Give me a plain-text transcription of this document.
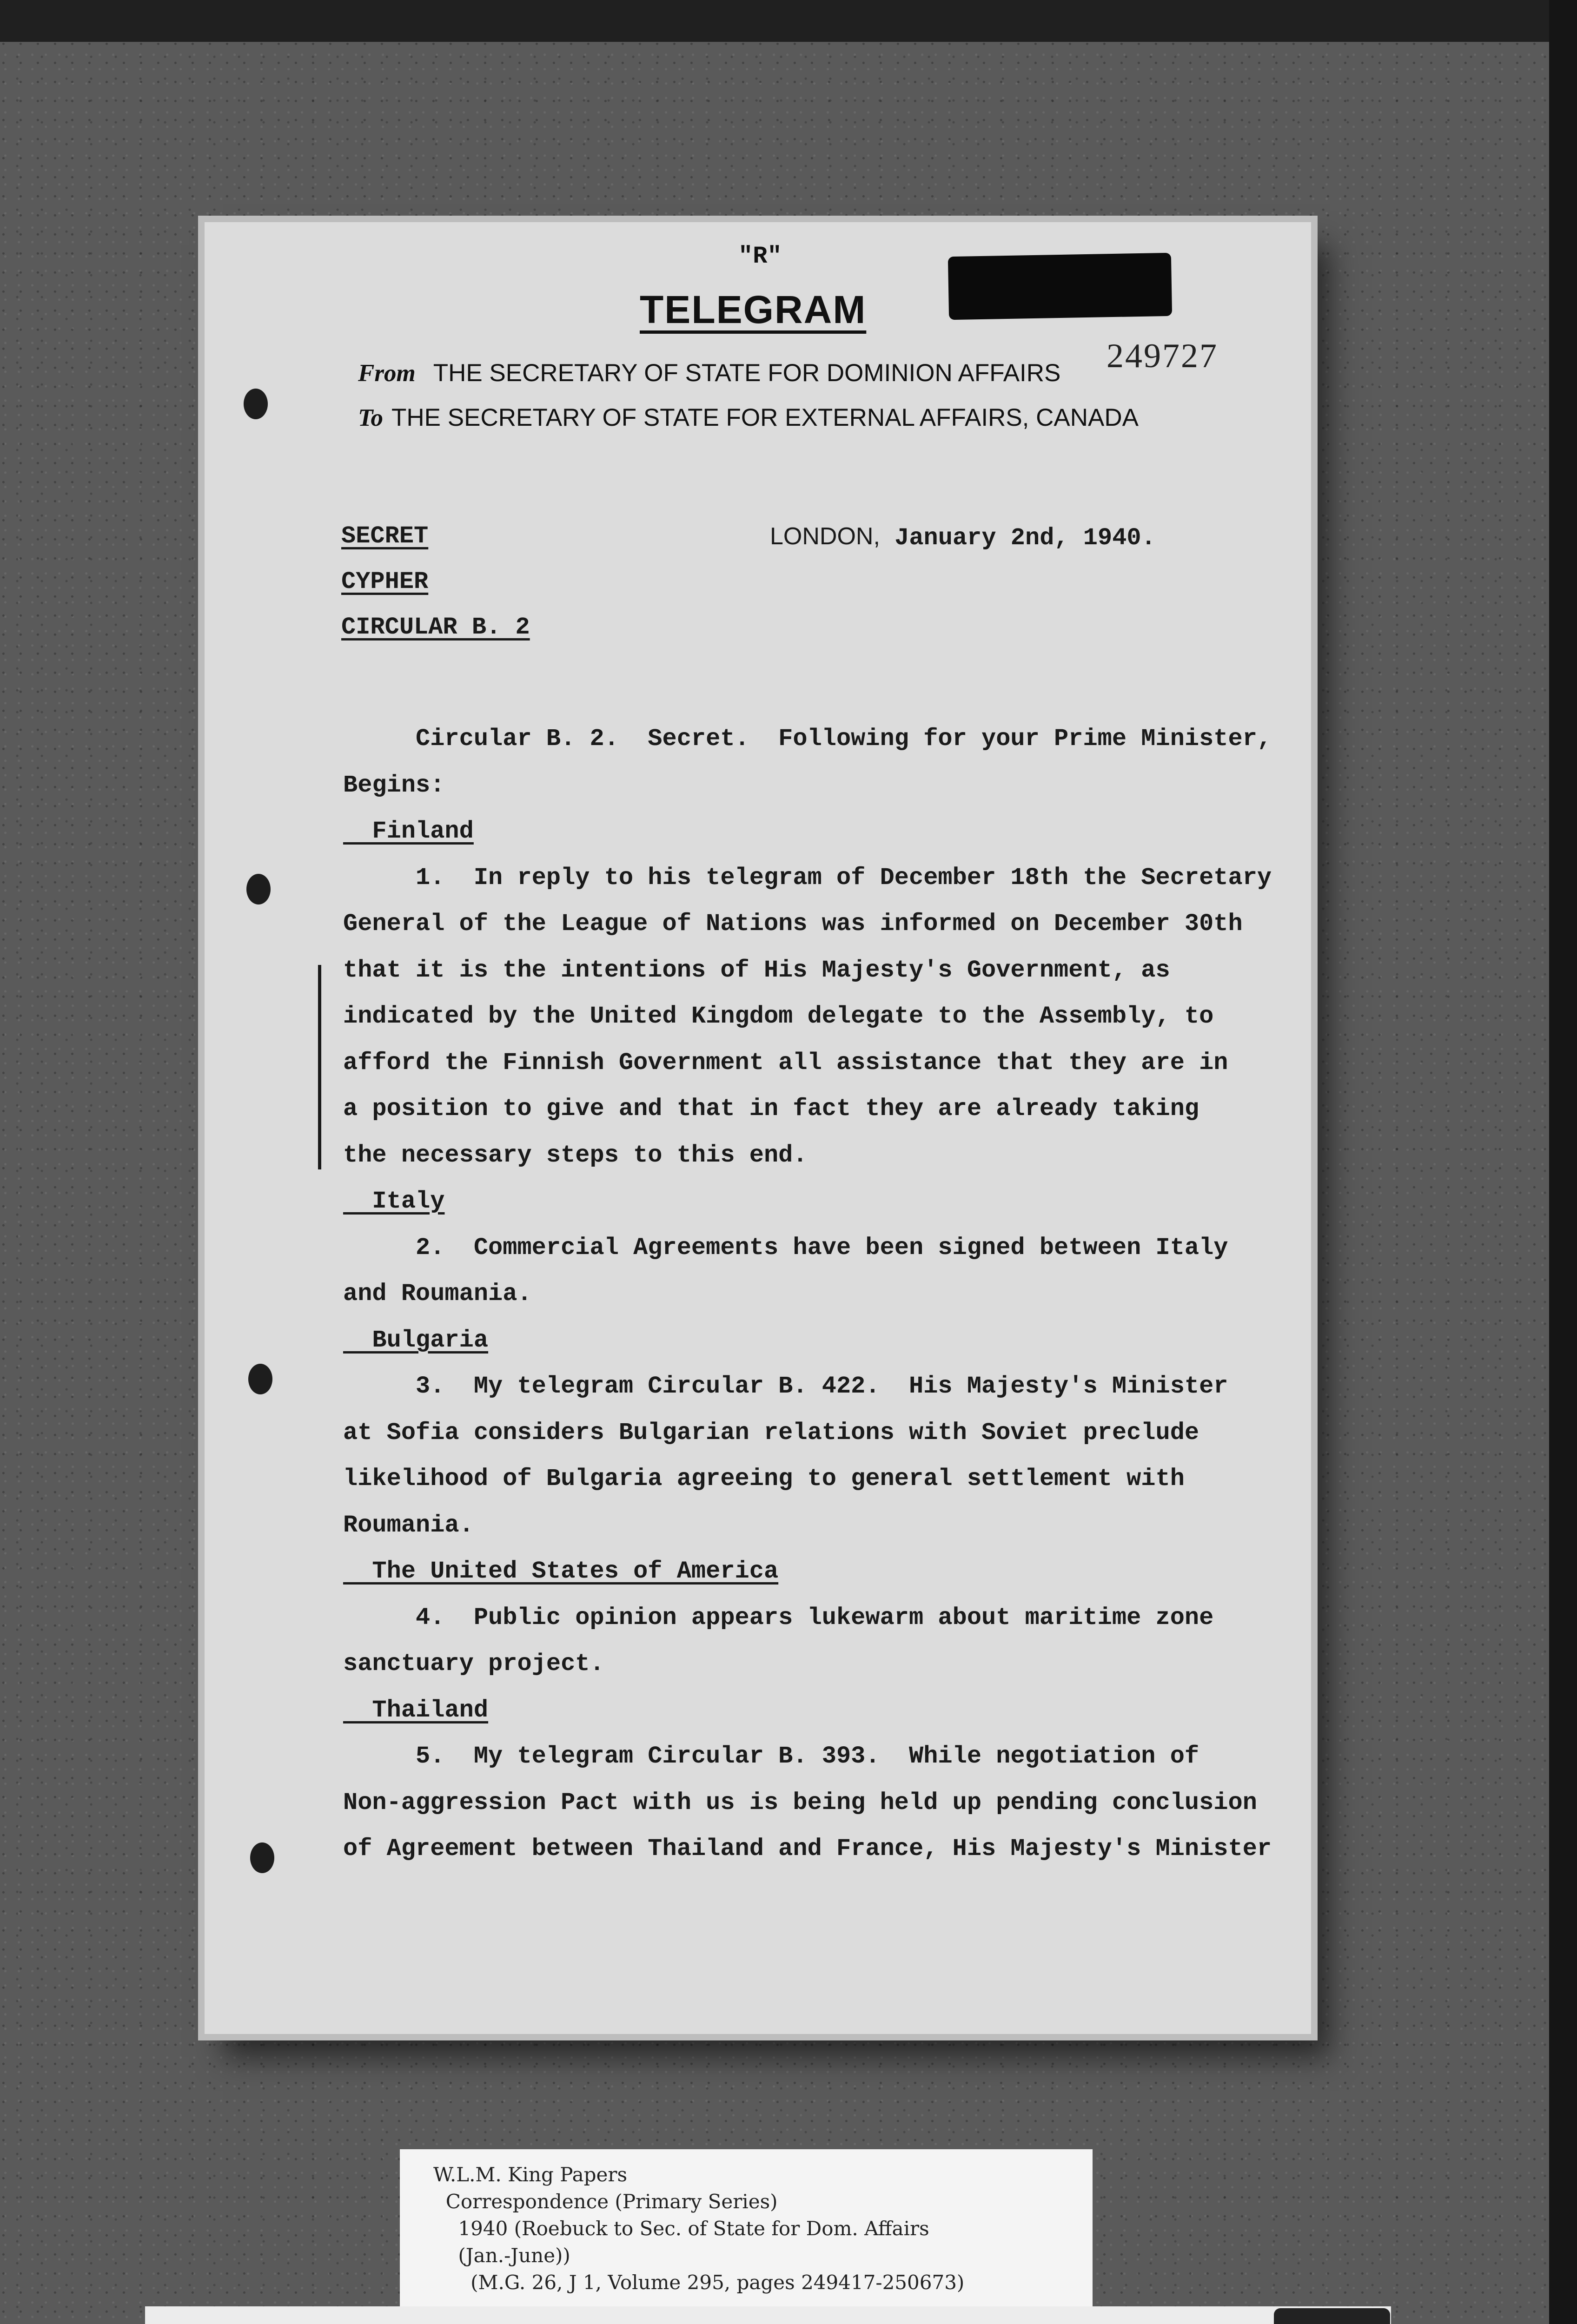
"R"
TELEGRAM
249727
From THE SECRETARY OF STATE FOR DOMINION AFFAIRS
To THE SECRETARY OF STATE FOR EXTERNAL AFFAIRS, CANADA
SECRET
CYPHER
CIRCULAR B. 2
LONDON, January 2nd, 1940.
Circular B. 2.  Secret.  Following for your Prime Minister,
Begins:
Finland
1.  In reply to his telegram of December 18th the Secretary
General of the League of Nations was informed on December 30th
that it is the intentions of His Majesty's Government, as
indicated by the United Kingdom delegate to the Assembly, to
afford the Finnish Government all assistance that they are in
a position to give and that in fact they are already taking
the necessary steps to this end.
Italy
2.  Commercial Agreements have been signed between Italy
and Roumania.
Bulgaria
3.  My telegram Circular B. 422.  His Majesty's Minister
at Sofia considers Bulgarian relations with Soviet preclude
likelihood of Bulgaria agreeing to general settlement with
Roumania.
The United States of America
4.  Public opinion appears lukewarm about maritime zone
sanctuary project.
Thailand
5.  My telegram Circular B. 393.  While negotiation of
Non-aggression Pact with us is being held up pending conclusion
of Agreement between Thailand and France, His Majesty's Minister
W.L.M. King Papers
Correspondence (Primary Series)
1940 (Roebuck to Sec. of State for Dom. Affairs
(Jan.-June))
(M.G. 26, J 1, Volume 295, pages 249417-250673)
